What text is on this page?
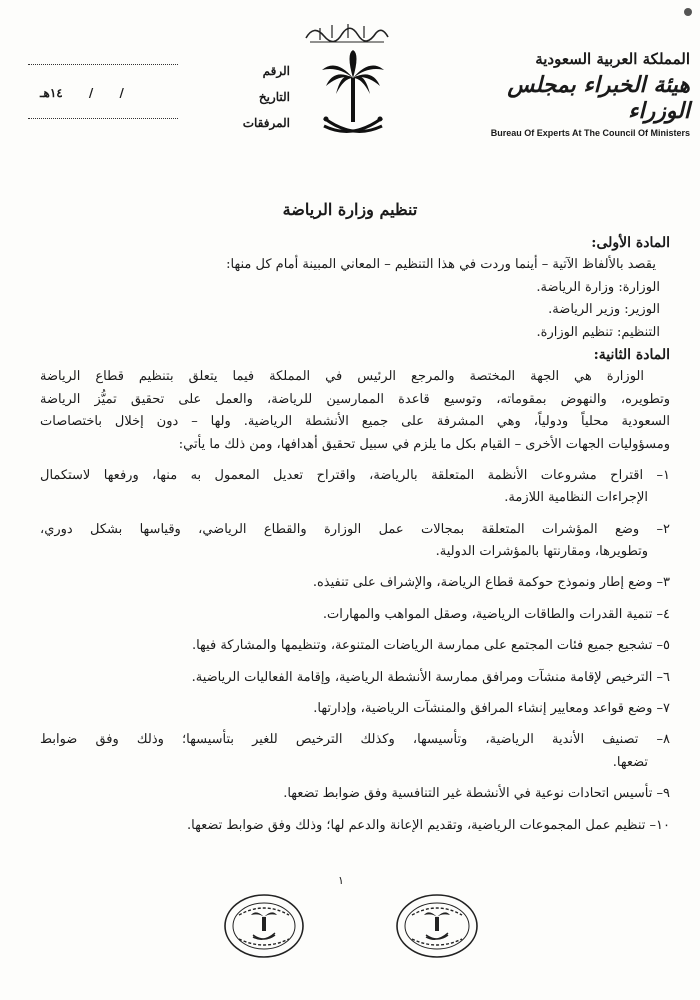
الرقم
التاريخ
المرفقات
/ / ١٤هـ
المملكة العربية السعودية
هيئة الخبراء بمجلس الوزراء
Bureau Of Experts At The Council Of Ministers
تنظيم وزارة الرياضة
المادة الأولى:
يقصد بالألفاظ الآتية – أينما وردت في هذا التنظيم – المعاني المبينة أمام كل منها:
الوزارة: وزارة الرياضة.
الوزير: وزير الرياضة.
التنظيم: تنظيم الوزارة.
المادة الثانية:
الوزارة هي الجهة المختصة والمرجع الرئيس في المملكة فيما يتعلق بتنظيم قطاع الرياضة
وتطويره، والنهوض بمقوماته، وتوسيع قاعدة الممارسين للرياضة، والعمل على تحقيق تميُّز الرياضة
السعودية محلياً ودولياً، وهي المشرفة على جميع الأنشطة الرياضية. ولها – دون إخلال باختصاصات
ومسؤوليات الجهات الأخرى – القيام بكل ما يلزم في سبيل تحقيق أهدافها، ومن ذلك ما يأتي:
١– اقتراح مشروعات الأنظمة المتعلقة بالرياضة، واقتراح تعديل المعمول به منها، ورفعها لاستكمال
الإجراءات النظامية اللازمة.
٢– وضع المؤشرات المتعلقة بمجالات عمل الوزارة والقطاع الرياضي، وقياسها بشكل دوري،
وتطويرها، ومقارنتها بالمؤشرات الدولية.
٣– وضع إطار ونموذج حوكمة قطاع الرياضة، والإشراف على تنفيذه.
٤– تنمية القدرات والطاقات الرياضية، وصقل المواهب والمهارات.
٥– تشجيع جميع فئات المجتمع على ممارسة الرياضات المتنوعة، وتنظيمها والمشاركة فيها.
٦– الترخيص لإقامة منشآت ومرافق ممارسة الأنشطة الرياضية، وإقامة الفعاليات الرياضية.
٧– وضع قواعد ومعايير إنشاء المرافق والمنشآت الرياضية، وإدارتها.
٨– تصنيف الأندية الرياضية، وتأسيسها، وكذلك الترخيص للغير بتأسيسها؛ وذلك وفق ضوابط
تضعها.
٩– تأسيس اتحادات نوعية في الأنشطة غير التنافسية وفق ضوابط تضعها.
١٠– تنظيم عمل المجموعات الرياضية، وتقديم الإعانة والدعم لها؛ وذلك وفق ضوابط تضعها.
١
